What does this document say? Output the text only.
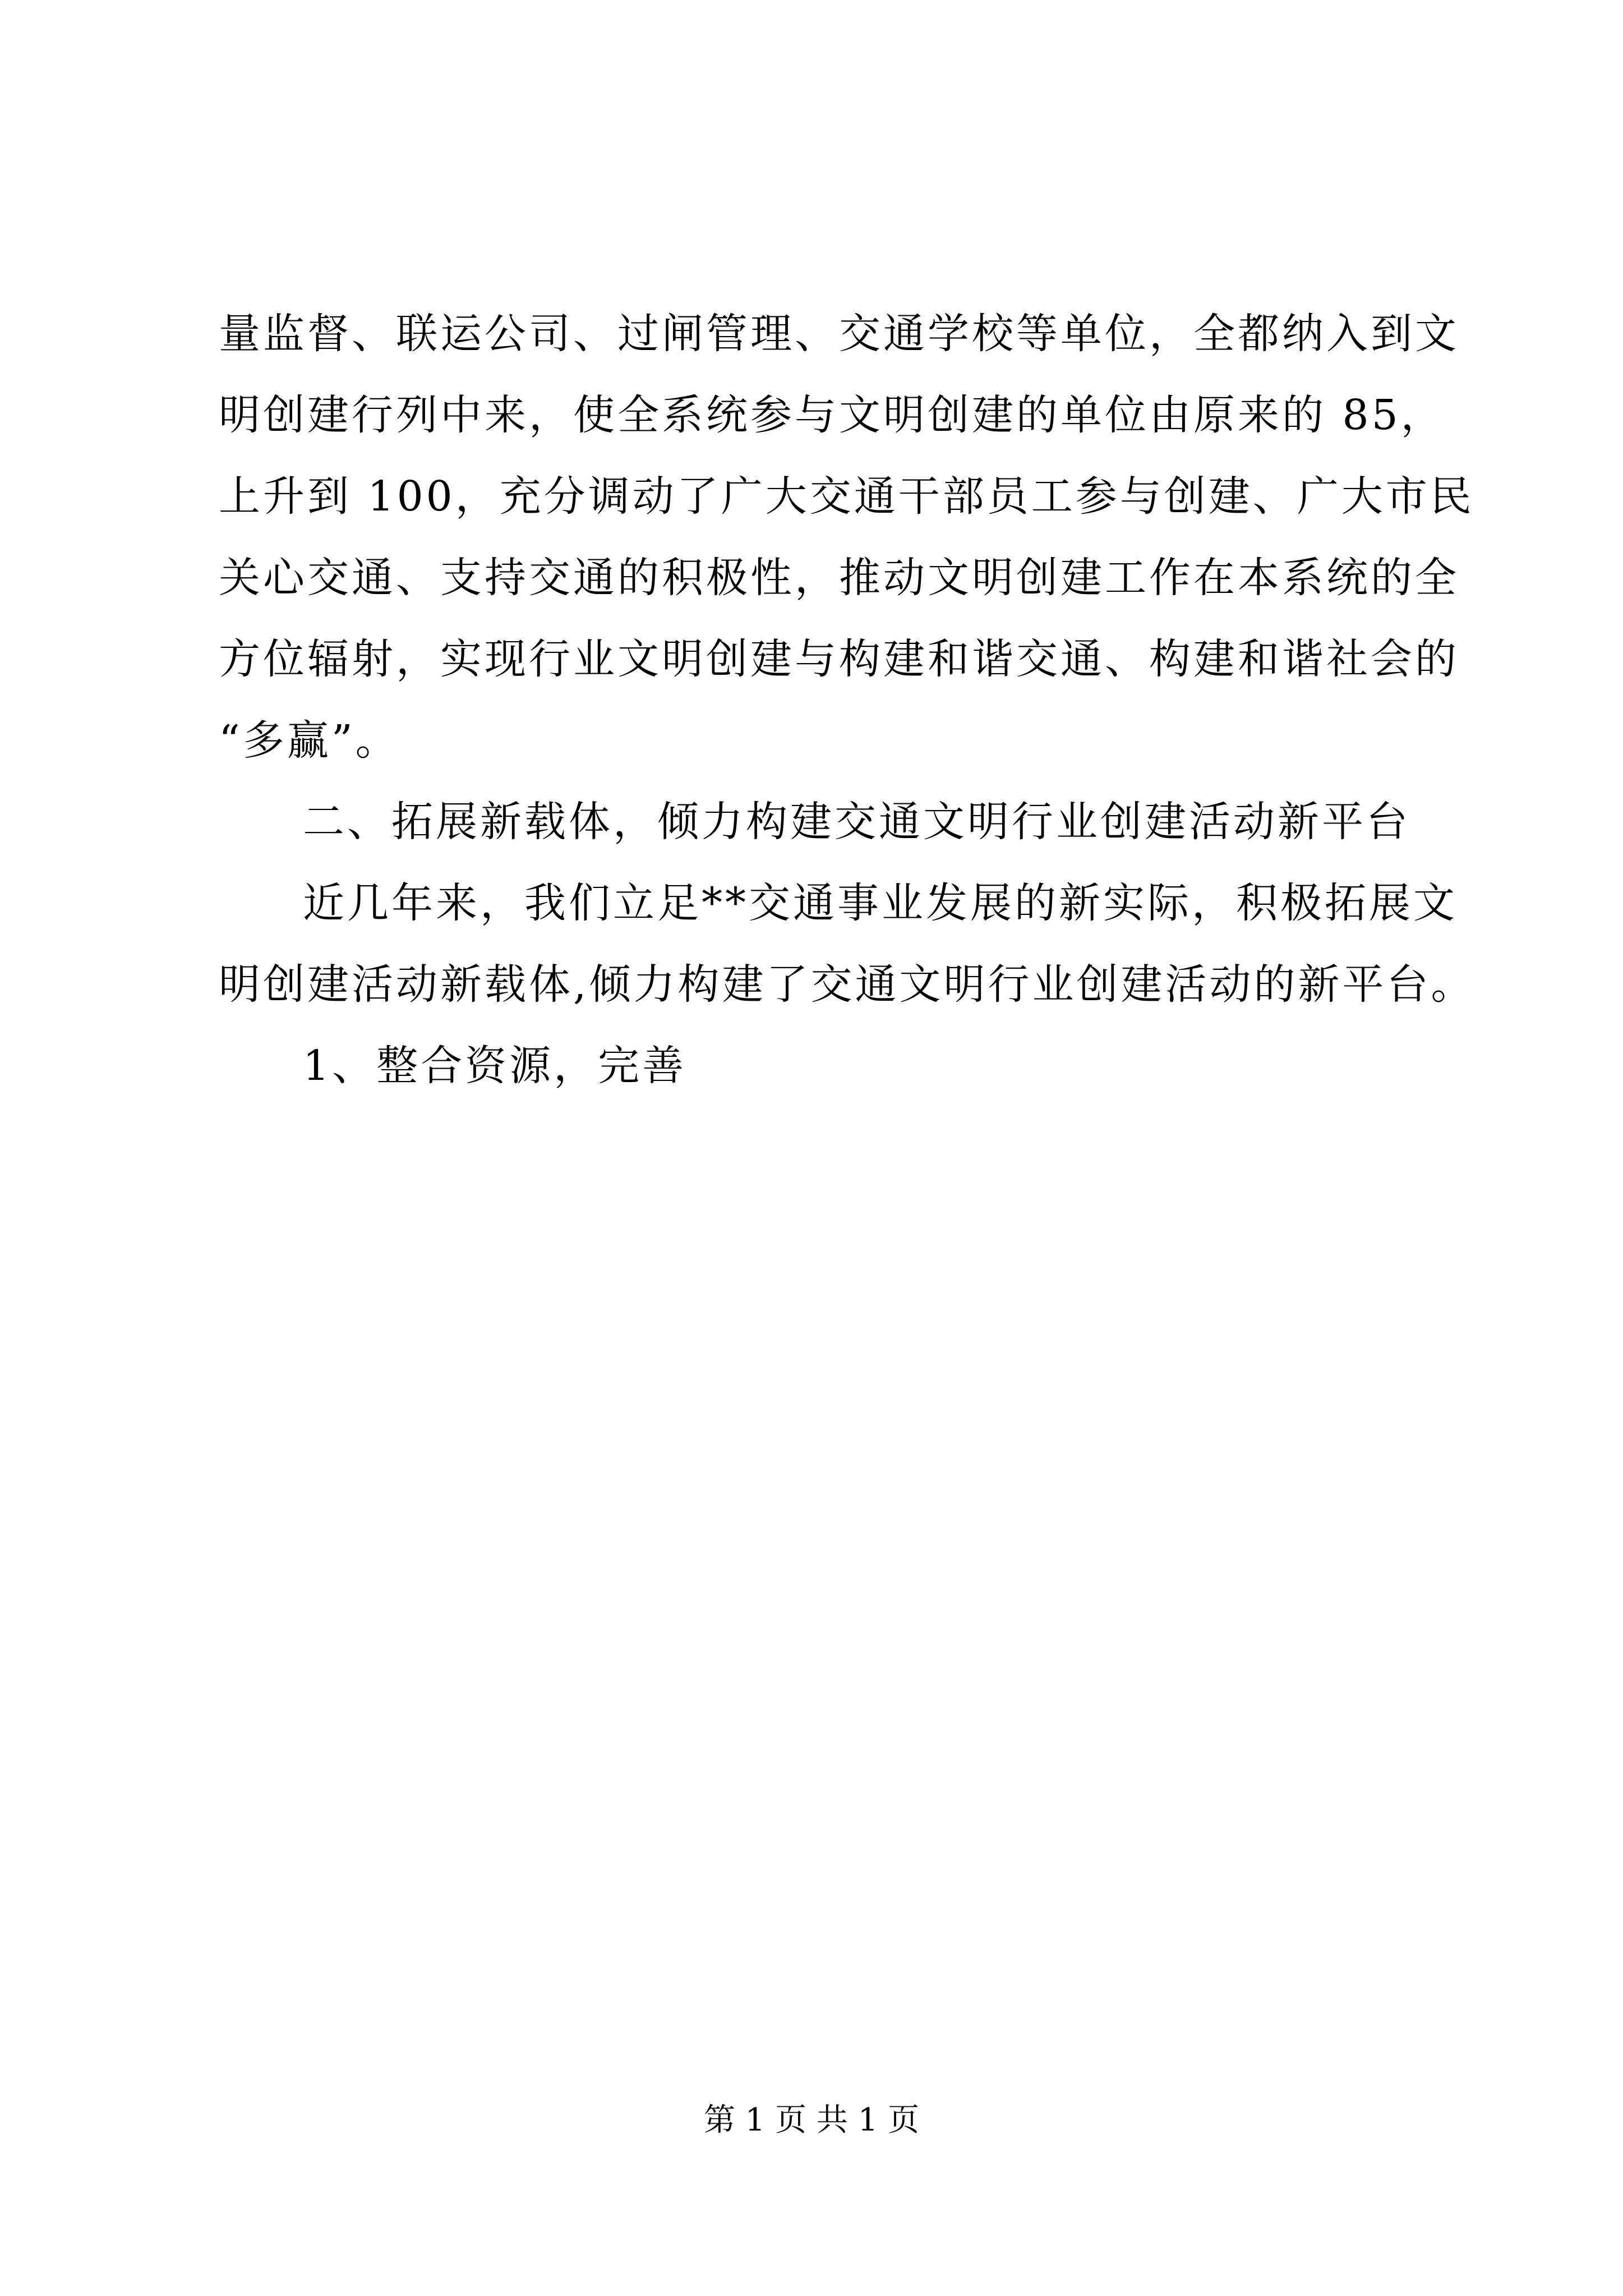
量监督、联运公司、过闸管理、交通学校等单位，全都纳入到文
明创建行列中来，使全系统参与文明创建的单位由原来的 85，
上升到 100，充分调动了广大交通干部员工参与创建、广大市民
关心交通、支持交通的积极性，推动文明创建工作在本系统的全
方位辐射，实现行业文明创建与构建和谐交通、构建和谐社会的
“多赢”。
二、拓展新载体，倾力构建交通文明行业创建活动新平台
近几年来，我们立足**交通事业发展的新实际，积极拓展文
明创建活动新载体,倾力构建了交通文明行业创建活动的新平台。
1、整合资源，完善
第 1 页 共 1 页
